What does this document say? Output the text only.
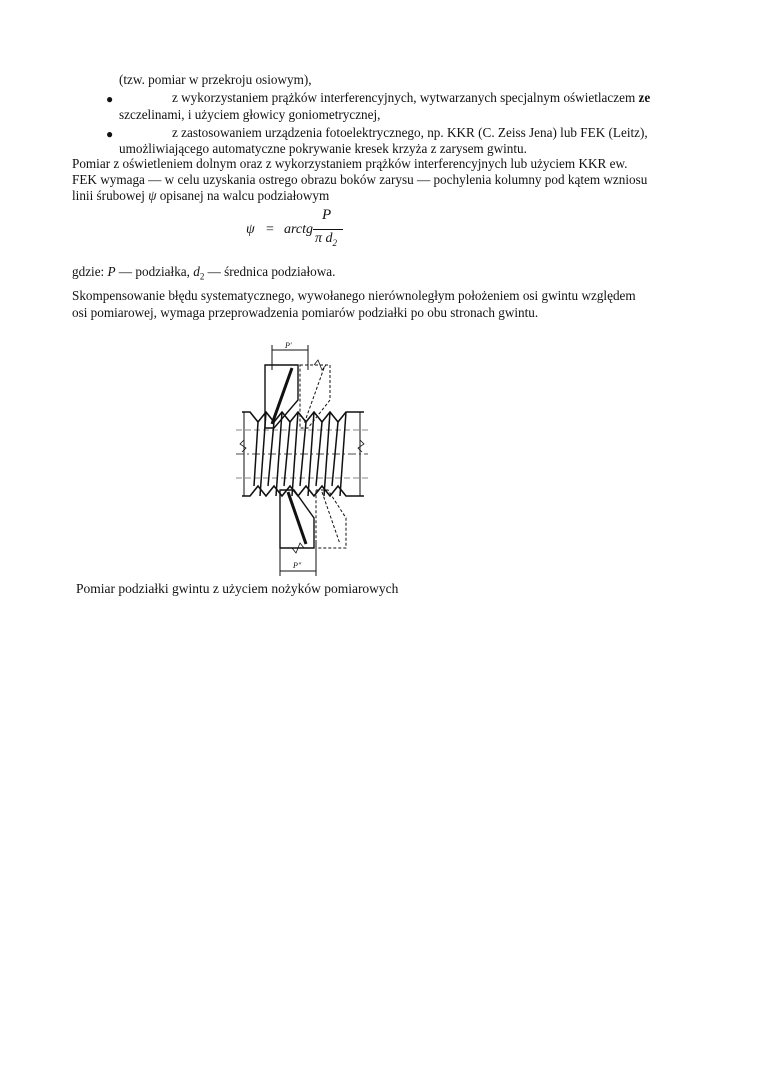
(tzw. pomiar w przekroju osiowym),
●	z wykorzystaniem prążków interferencyjnych, wytwarzanych specjalnym oświetlaczem ze
szczelinami, i użyciem głowicy goniometrycznej,
●	z zastosowaniem urządzenia fotoelektrycznego, np. KKR (C. Zeiss Jena) lub FEK (Leitz),
umożliwiającego automatyczne pokrywanie kresek krzyża z zarysem gwintu.
Pomiar z oświetleniem dolnym oraz z wykorzystaniem prążków interferencyjnych lub użyciem KKR ew.
FEK wymaga — w celu uzyskania ostrego obrazu boków zarysu — pochylenia kolumny pod kątem wzniosu
linii śrubowej ψ opisanej na walcu podziałowym
ψ = arctg
P
π $d_2$
gdzie: P — podziałka, $d_2$ — średnica podziałowa.
Skompensowanie błędu systematycznego, wywołanego nierównoległym położeniem osi gwintu względem
osi pomiarowej, wymaga przeprowadzenia pomiarów podziałki po obu stronach gwintu.
P'
P"
Pomiar podziałki gwintu z użyciem nożyków pomiarowych
